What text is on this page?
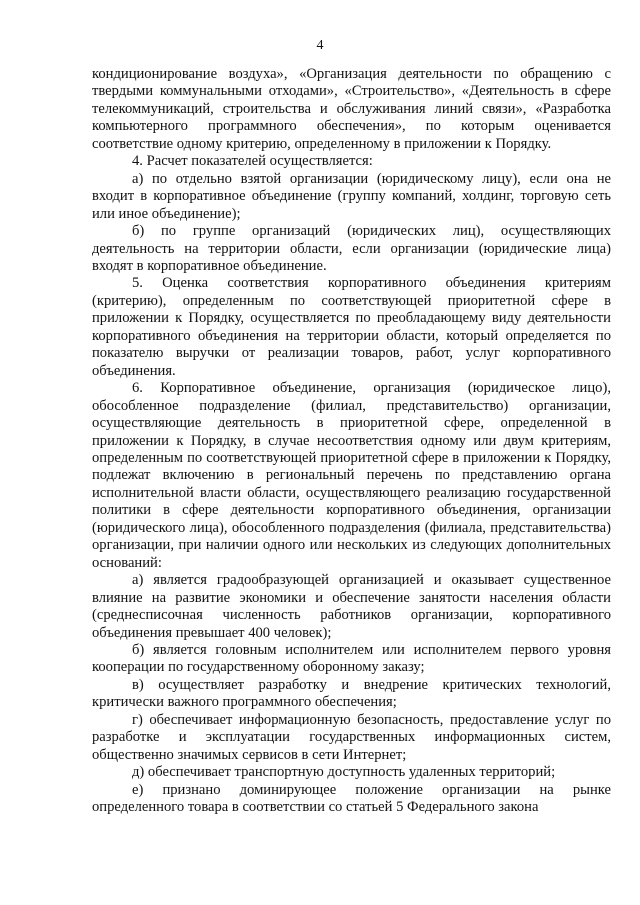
4

кондиционирование воздуха», «Организация деятельности по обращению с твердыми коммунальными отходами», «Строительство», «Деятельность в сфере телекоммуникаций, строительства и обслуживания линий связи», «Разработка компьютерного программного обеспечения», по которым оценивается соответствие одному критерию, определенному в приложении к Порядку.

4. Расчет показателей осуществляется:

а) по отдельно взятой организации (юридическому лицу), если она не входит в корпоративное объединение (группу компаний, холдинг, торговую сеть или иное объединение);

б) по группе организаций (юридических лиц), осуществляющих деятельность на территории области, если организации (юридические лица) входят в корпоративное объединение.

5. Оценка соответствия корпоративного объединения критериям (критерию), определенным по соответствующей приоритетной сфере в приложении к Порядку, осуществляется по преобладающему виду деятельности корпоративного объединения на территории области, который определяется по показателю выручки от реализации товаров, работ, услуг корпоративного объединения.

6. Корпоративное объединение, организация (юридическое лицо), обособленное подразделение (филиал, представительство) организации, осуществляющие деятельность в приоритетной сфере, определенной в приложении к Порядку, в случае несоответствия одному или двум критериям, определенным по соответствующей приоритетной сфере в приложении к Порядку, подлежат включению в региональный перечень по представлению органа исполнительной власти области, осуществляющего реализацию государственной политики в сфере деятельности корпоративного объединения, организации (юридического лица), обособленного подразделения (филиала, представительства) организации, при наличии одного или нескольких из следующих дополнительных оснований:

а) является градообразующей организацией и оказывает существенное влияние на развитие экономики и обеспечение занятости населения области (среднесписочная численность работников организации, корпоративного объединения превышает 400 человек);

б) является головным исполнителем или исполнителем первого уровня кооперации по государственному оборонному заказу;

в) осуществляет разработку и внедрение критических технологий, критически важного программного обеспечения;

г) обеспечивает информационную безопасность, предоставление услуг по разработке и эксплуатации государственных информационных систем, общественно значимых сервисов в сети Интернет;

д) обеспечивает транспортную доступность удаленных территорий;

е) признано доминирующее положение организации на рынке определенного товара в соответствии со статьей 5 Федерального закона
